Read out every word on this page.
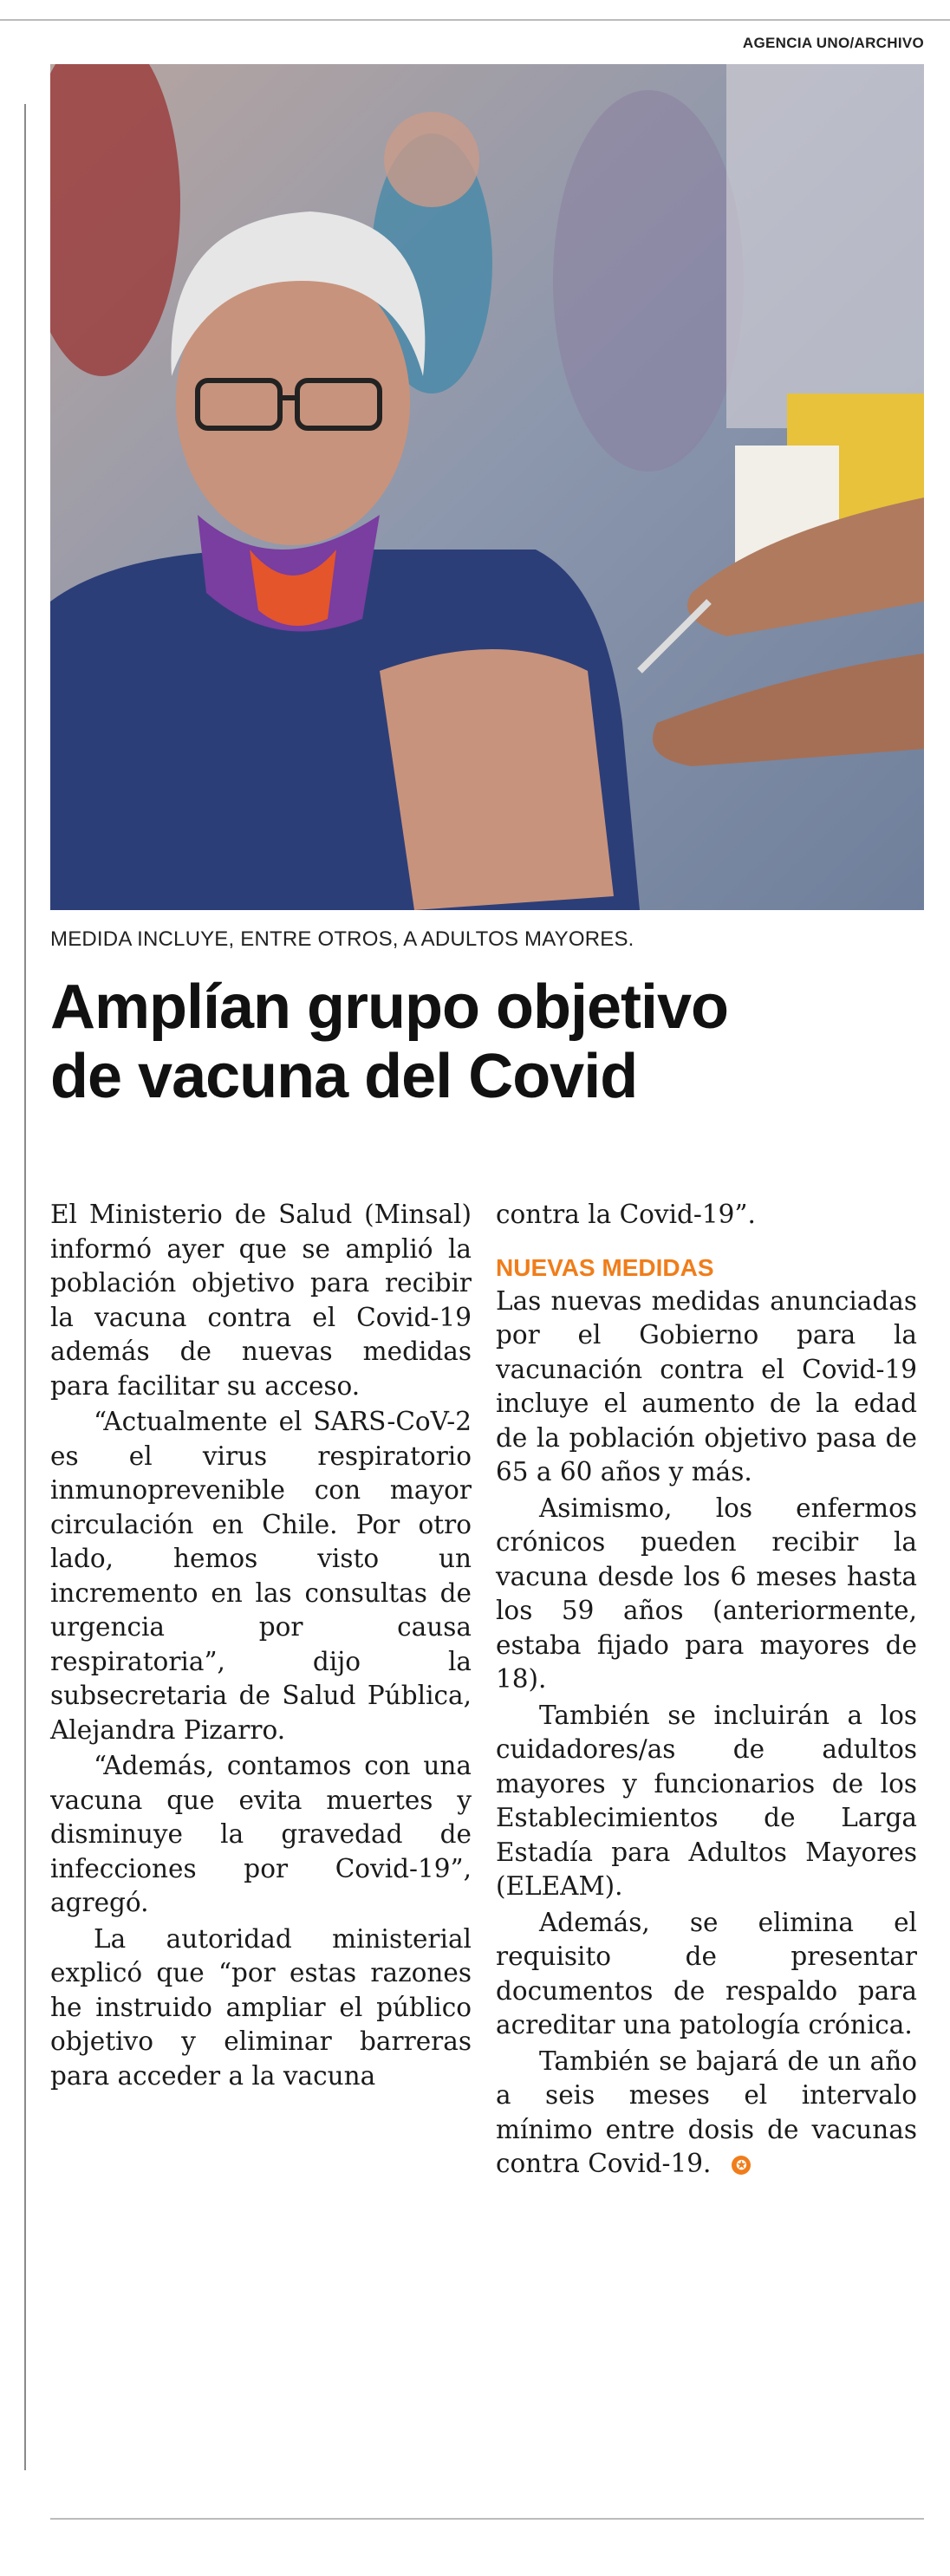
AGENCIA UNO/ARCHIVO
MEDIDA INCLUYE, ENTRE OTROS, A ADULTOS MAYORES.
Amplían grupo objetivo
de vacuna del Covid

El Ministerio de Salud (Minsal) informó ayer que se amplió la población objetivo para recibir la vacuna contra el Covid-19 además de nuevas medidas para facilitar su acceso.

“Actualmente el SARS-CoV-2 es el virus respiratorio inmunoprevenible con mayor circulación en Chile. Por otro lado, hemos visto un incremento en las consultas de urgencia por causa respiratoria”, dijo la subsecretaria de Salud Pública, Alejandra Pizarro.

“Además, contamos con una vacuna que evita muertes y disminuye la gravedad de infecciones por Covid-19”, agregó.

La autoridad ministerial explicó que “por estas razones he instruido ampliar el público objetivo y eliminar barreras para acceder a la vacuna

contra la Covid-19”.

NUEVAS MEDIDAS

Las nuevas medidas anunciadas por el Gobierno para la vacunación contra el Covid-19 incluye el aumento de la edad de la población objetivo pasa de 65 a 60 años y más.

Asimismo, los enfermos crónicos pueden recibir la vacuna desde los 6 meses hasta los 59 años (anteriormente, estaba fijado para mayores de 18).

También se incluirán a los cuidadores/as de adultos mayores y funcionarios de los Establecimientos de Larga Estadía para Adultos Mayores (ELEAM).

Además, se elimina el requisito de presentar documentos de respaldo para acreditar una patología crónica.

También se bajará de un año a seis meses el intervalo mínimo entre dosis de vacunas contra Covid-19. ✪
